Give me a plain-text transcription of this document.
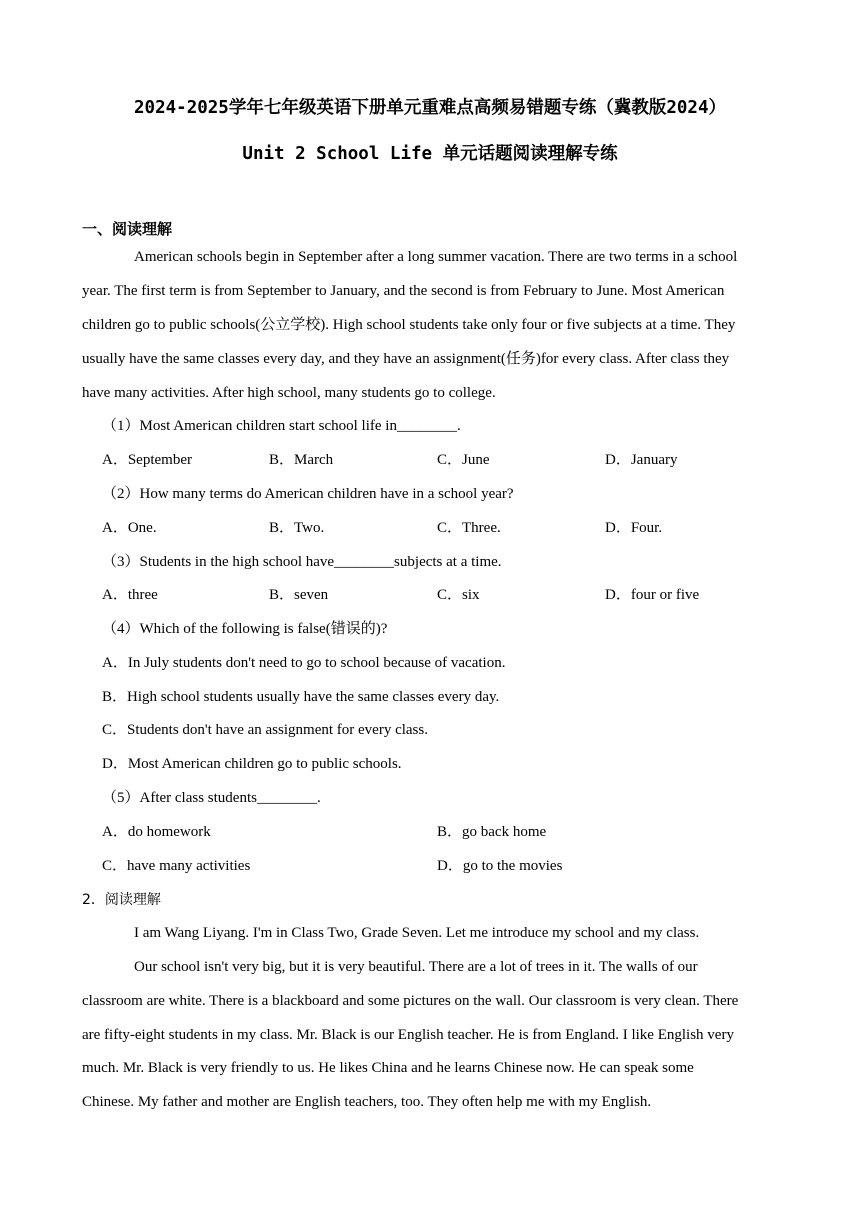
2024-2025学年七年级英语下册单元重难点高频易错题专练（冀教版2024）
Unit 2 School Life 单元话题阅读理解专练
一、阅读理解
American schools begin in September after a long summer vacation. There are two terms in a school
year. The first term is from September to January, and the second is from February to June. Most American
children go to public schools(公立学校). High school students take only four or five subjects at a time. They
usually have the same classes every day, and they have an assignment(任务)for every class. After class they
have many activities. After high school, many students go to college.
（1）Most American children start school life in________.
A．September	B．March	C．June	D．January
（2）How many terms do American children have in a school year?
A．One.	B．Two.	C．Three.	D．Four.
（3）Students in the high school have________subjects at a time.
A．three	B．seven	C．six	D．four or five
（4）Which of the following is false(错误的)?
A．In July students don't need to go to school because of vacation.
B．High school students usually have the same classes every day.
C．Students don't have an assignment for every class.
D．Most American children go to public schools.
（5）After class students________.
A．do homework	B．go back home
C．have many activities	D．go to the movies
2．阅读理解
I am Wang Liyang. I'm in Class Two, Grade Seven. Let me introduce my school and my class.
Our school isn't very big, but it is very beautiful. There are a lot of trees in it. The walls of our
classroom are white. There is a blackboard and some pictures on the wall. Our classroom is very clean. There
are fifty-eight students in my class. Mr. Black is our English teacher. He is from England. I like English very
much. Mr. Black is very friendly to us. He likes China and he learns Chinese now. He can speak some
Chinese. My father and mother are English teachers, too. They often help me with my English.
